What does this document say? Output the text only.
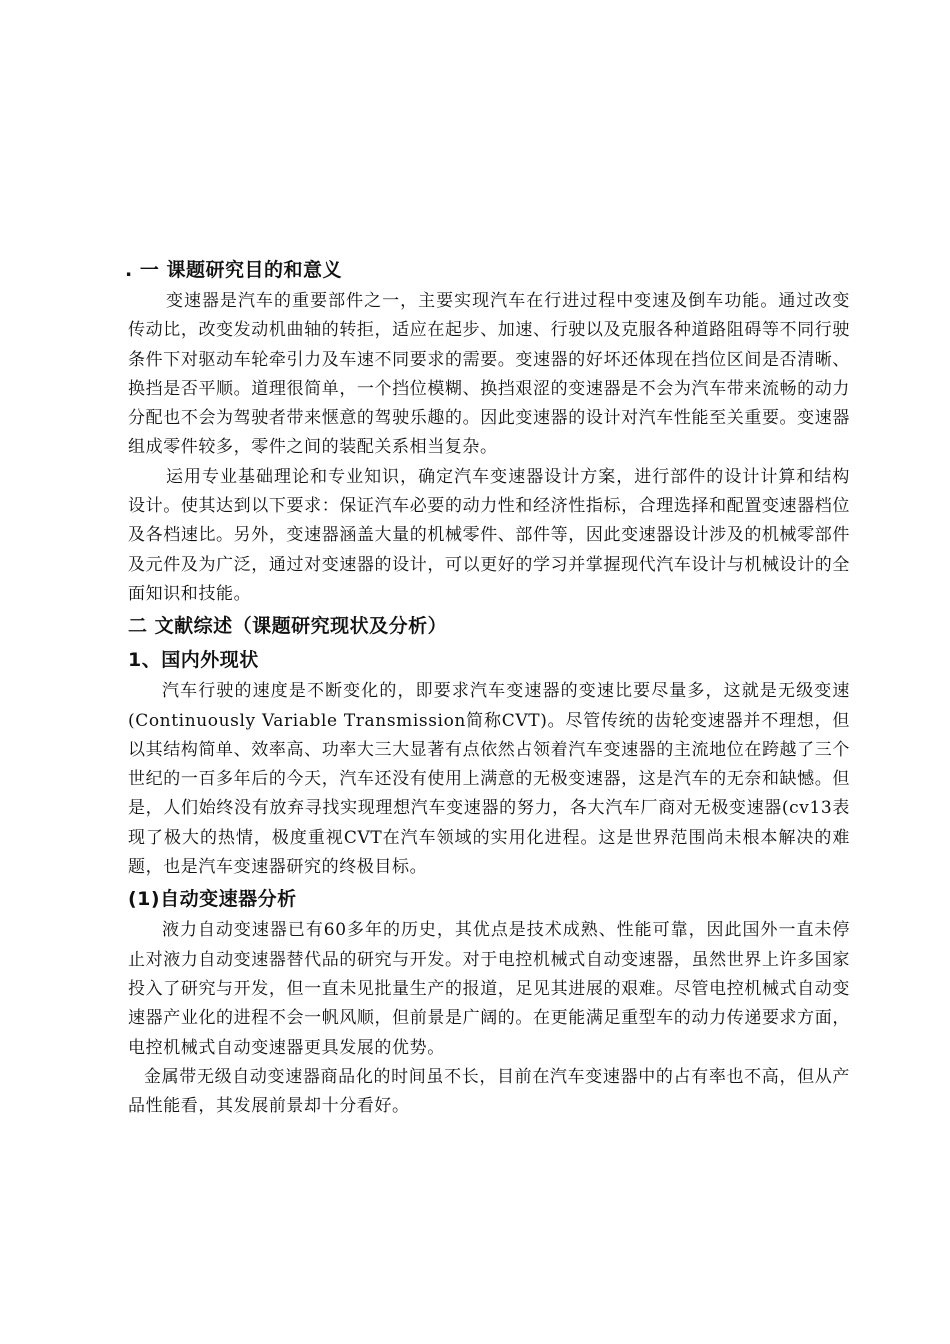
. 一 课题研究目的和意义

变速器是汽车的重要部件之一，主要实现汽车在行进过程中变速及倒车功能。通过改变传动比，改变发动机曲轴的转拒，适应在起步、加速、行驶以及克服各种道路阻碍等不同行驶条件下对驱动车轮牵引力及车速不同要求的需要。变速器的好坏还体现在挡位区间是否清晰、换挡是否平顺。道理很简单，一个挡位模糊、换挡艰涩的变速器是不会为汽车带来流畅的动力分配也不会为驾驶者带来惬意的驾驶乐趣的。因此变速器的设计对汽车性能至关重要。变速器组成零件较多，零件之间的装配关系相当复杂。

运用专业基础理论和专业知识，确定汽车变速器设计方案，进行部件的设计计算和结构设计。使其达到以下要求：保证汽车必要的动力性和经济性指标，合理选择和配置变速器档位及各档速比。另外，变速器涵盖大量的机械零件、部件等，因此变速器设计涉及的机械零部件及元件及为广泛，通过对变速器的设计，可以更好的学习并掌握现代汽车设计与机械设计的全面知识和技能。

二 文献综述（课题研究现状及分析）
1、国内外现状

汽车行驶的速度是不断变化的，即要求汽车变速器的变速比要尽量多，这就是无级变速(Continuously Variable Transmission简称CVT)。尽管传统的齿轮变速器并不理想，但以其结构简单、效率高、功率大三大显著有点依然占领着汽车变速器的主流地位在跨越了三个世纪的一百多年后的今天，汽车还没有使用上满意的无极变速器，这是汽车的无奈和缺憾。但是，人们始终没有放弃寻找实现理想汽车变速器的努力，各大汽车厂商对无极变速器(cv13表现了极大的热情，极度重视CVT在汽车领域的实用化进程。这是世界范围尚未根本解决的难题，也是汽车变速器研究的终极目标。

(1)自动变速器分析

液力自动变速器已有60多年的历史，其优点是技术成熟、性能可靠，因此国外一直未停止对液力自动变速器替代品的研究与开发。对于电控机械式自动变速器，虽然世界上许多国家投入了研究与开发，但一直未见批量生产的报道，足见其进展的艰难。尽管电控机械式自动变速器产业化的进程不会一帆风顺，但前景是广阔的。在更能满足重型车的动力传递要求方面，电控机械式自动变速器更具发展的优势。

金属带无级自动变速器商品化的时间虽不长，目前在汽车变速器中的占有率也不高，但从产品性能看，其发展前景却十分看好。
